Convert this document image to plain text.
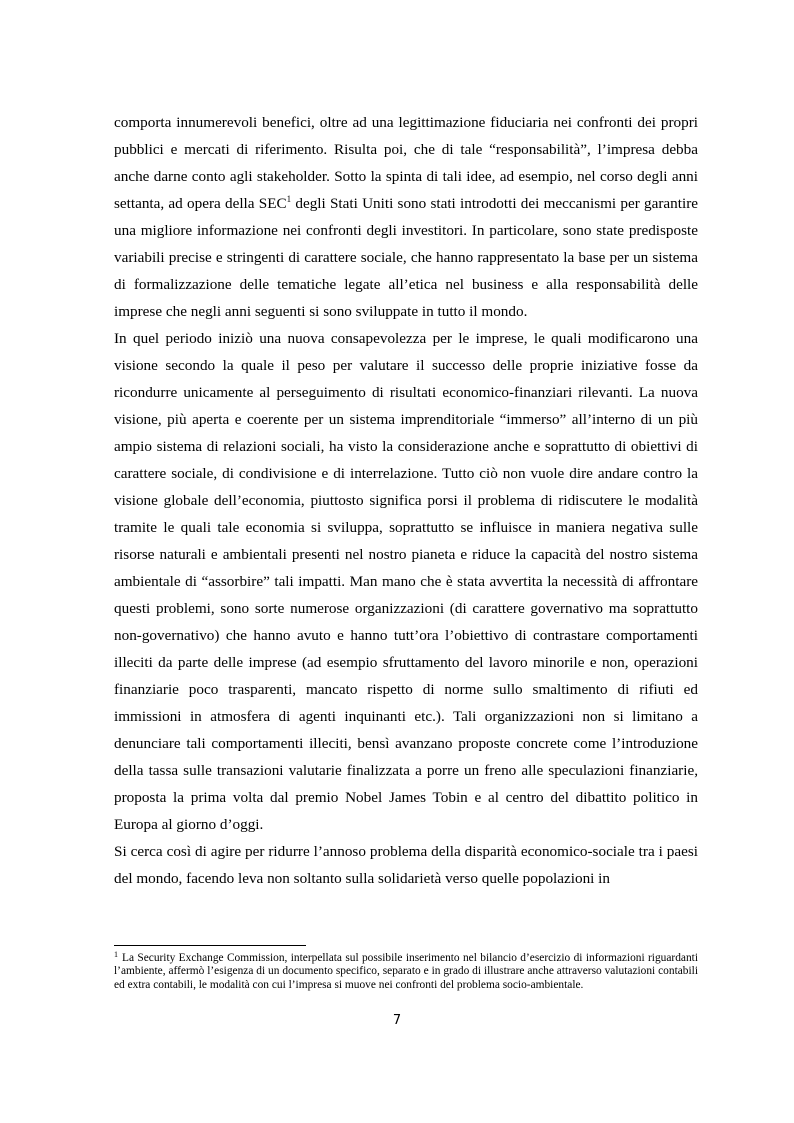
comporta innumerevoli benefici, oltre ad una legittimazione fiduciaria nei confronti dei propri pubblici e mercati di riferimento. Risulta poi, che di tale “responsabilità”, l’impresa debba anche darne conto agli stakeholder. Sotto la spinta di tali idee, ad esempio, nel corso degli anni settanta, ad opera della SEC$^1$ degli Stati Uniti sono stati introdotti dei meccanismi per garantire una migliore informazione nei confronti degli investitori. In particolare, sono state predisposte variabili precise e stringenti di carattere sociale, che hanno rappresentato la base per un sistema di formalizzazione delle tematiche legate all’etica nel business e alla responsabilità delle imprese che negli anni seguenti si sono sviluppate in tutto il mondo.

In quel periodo iniziò una nuova consapevolezza per le imprese, le quali modificarono una visione secondo la quale il peso per valutare il successo delle proprie iniziative fosse da ricondurre unicamente al perseguimento di risultati economico-finanziari rilevanti. La nuova visione, più aperta e coerente per un sistema imprenditoriale “immerso” all’interno di un più ampio sistema di relazioni sociali, ha visto la considerazione anche e soprattutto di obiettivi di carattere sociale, di condivisione e di interrelazione. Tutto ciò non vuole dire andare contro la visione globale dell’economia, piuttosto significa porsi il problema di ridiscutere le modalità tramite le quali tale economia si sviluppa, soprattutto se influisce in maniera negativa sulle risorse naturali e ambientali presenti nel nostro pianeta e riduce la capacità del nostro sistema ambientale di “assorbire” tali impatti. Man mano che è stata avvertita la necessità di affrontare questi problemi, sono sorte numerose organizzazioni (di carattere governativo ma soprattutto non-governativo) che hanno avuto e hanno tutt’ora l’obiettivo di contrastare comportamenti illeciti da parte delle imprese (ad esempio sfruttamento del lavoro minorile e non, operazioni finanziarie poco trasparenti, mancato rispetto di norme sullo smaltimento di rifiuti ed immissioni in atmosfera di agenti inquinanti etc.). Tali organizzazioni non si limitano a denunciare tali comportamenti illeciti, bensì avanzano proposte concrete come l’introduzione della tassa sulle transazioni valutarie finalizzata a porre un freno alle speculazioni finanziarie, proposta la prima volta dal premio Nobel James Tobin e al centro del dibattito politico in Europa al giorno d’oggi.

Si cerca così di agire per ridurre l’annoso problema della disparità economico-sociale tra i paesi del mondo, facendo leva non soltanto sulla solidarietà verso quelle popolazioni in

$^1$ La Security Exchange Commission, interpellata sul possibile inserimento nel bilancio d’esercizio di informazioni riguardanti l’ambiente, affermò l’esigenza di un documento specifico, separato e in grado di illustrare anche attraverso valutazioni contabili ed extra contabili, le modalità con cui l’impresa si muove nei confronti del problema socio-ambientale.

7
